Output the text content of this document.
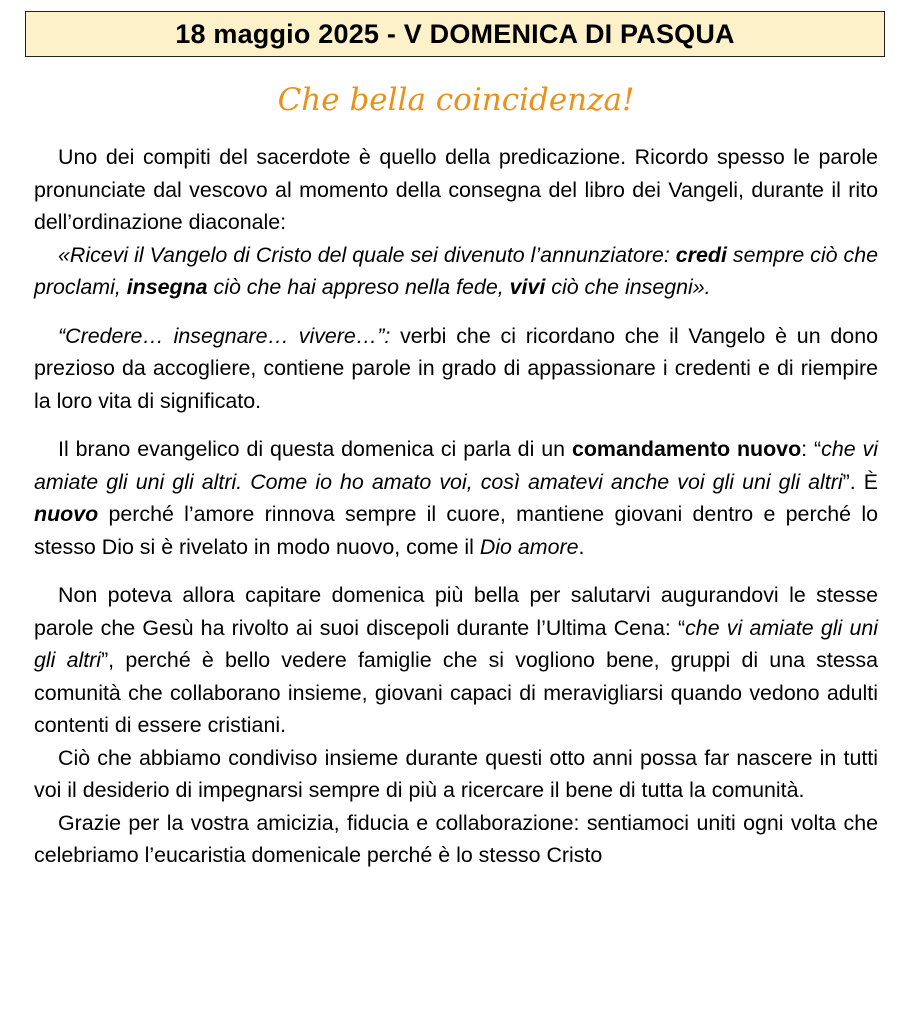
18 maggio 2025 - V DOMENICA DI PASQUA
Che bella coincidenza!

Uno dei compiti del sacerdote è quello della predicazione. Ricordo spesso le parole pronunciate dal vescovo al momento della consegna del libro dei Vangeli, durante il rito dell’ordinazione diaconale:

«Ricevi il Vangelo di Cristo del quale sei divenuto l’annunziatore: credi sempre ciò che proclami, insegna ciò che hai appreso nella fede, vivi ciò che insegni».

“Credere… insegnare… vivere…”: verbi che ci ricordano che il Vangelo è un dono prezioso da accogliere, contiene parole in grado di appassionare i credenti e di riempire la loro vita di significato.

Il brano evangelico di questa domenica ci parla di un comandamento nuovo: “che vi amiate gli uni gli altri. Come io ho amato voi, così amatevi anche voi gli uni gli altri”. È nuovo perché l’amore rinnova sempre il cuore, mantiene giovani dentro e perché lo stesso Dio si è rivelato in modo nuovo, come il Dio amore.

Non poteva allora capitare domenica più bella per salutarvi augurandovi le stesse parole che Gesù ha rivolto ai suoi discepoli durante l’Ultima Cena: “che vi amiate gli uni gli altri”, perché è bello vedere famiglie che si vogliono bene, gruppi di una stessa comunità che collaborano insieme, giovani capaci di meravigliarsi quando vedono adulti contenti di essere cristiani.

Ciò che abbiamo condiviso insieme durante questi otto anni possa far nascere in tutti voi il desiderio di impegnarsi sempre di più a ricercare il bene di tutta la comunità.

Grazie per la vostra amicizia, fiducia e collaborazione: sentiamoci uniti ogni volta che celebriamo l’eucaristia domenicale perché è lo stesso Cristo
